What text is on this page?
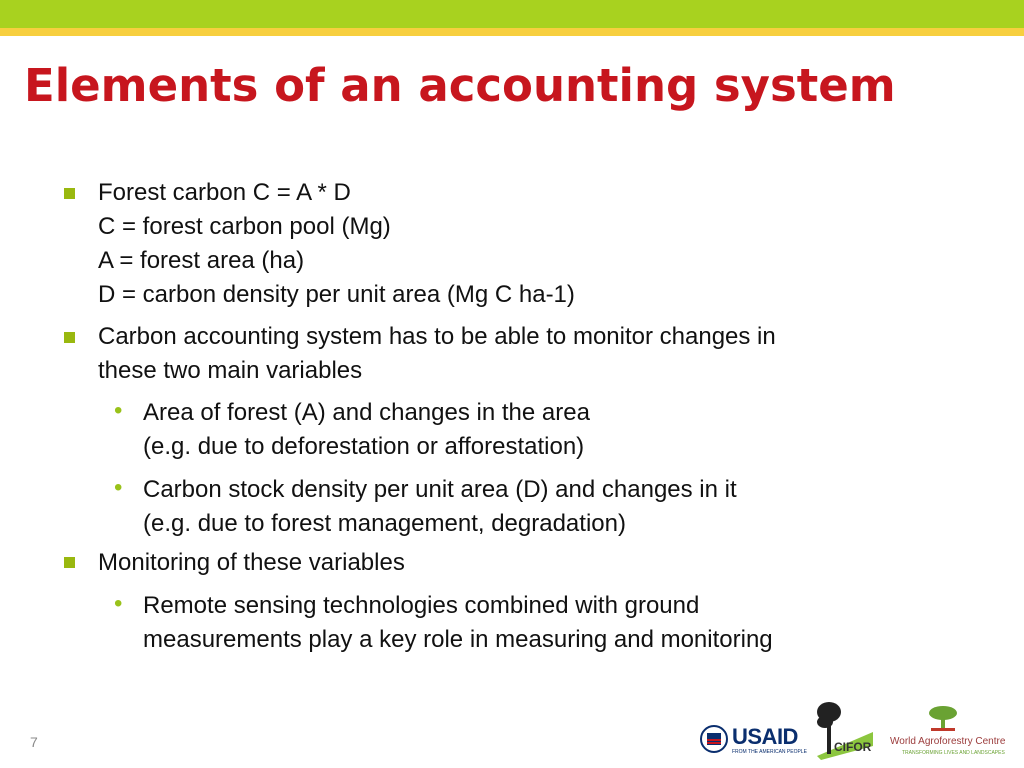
Elements of an accounting system
Forest carbon C = A * D
C = forest carbon pool (Mg)
A = forest area (ha)
D = carbon density per unit area (Mg C ha-1)
Carbon accounting system has to be able to monitor changes in
these two main variables
• Area of forest (A) and changes in the area
(e.g. due to deforestation or afforestation)
• Carbon stock density per unit area (D) and changes in it
(e.g. due to forest management, degradation)
Monitoring of these variables
• Remote sensing technologies combined with ground
measurements play a key role in measuring and monitoring
7	USAID
FROM THE AMERICAN PEOPLE CIFOR World Agroforestry Centre
TRANSFORMING LIVES AND LANDSCAPES
